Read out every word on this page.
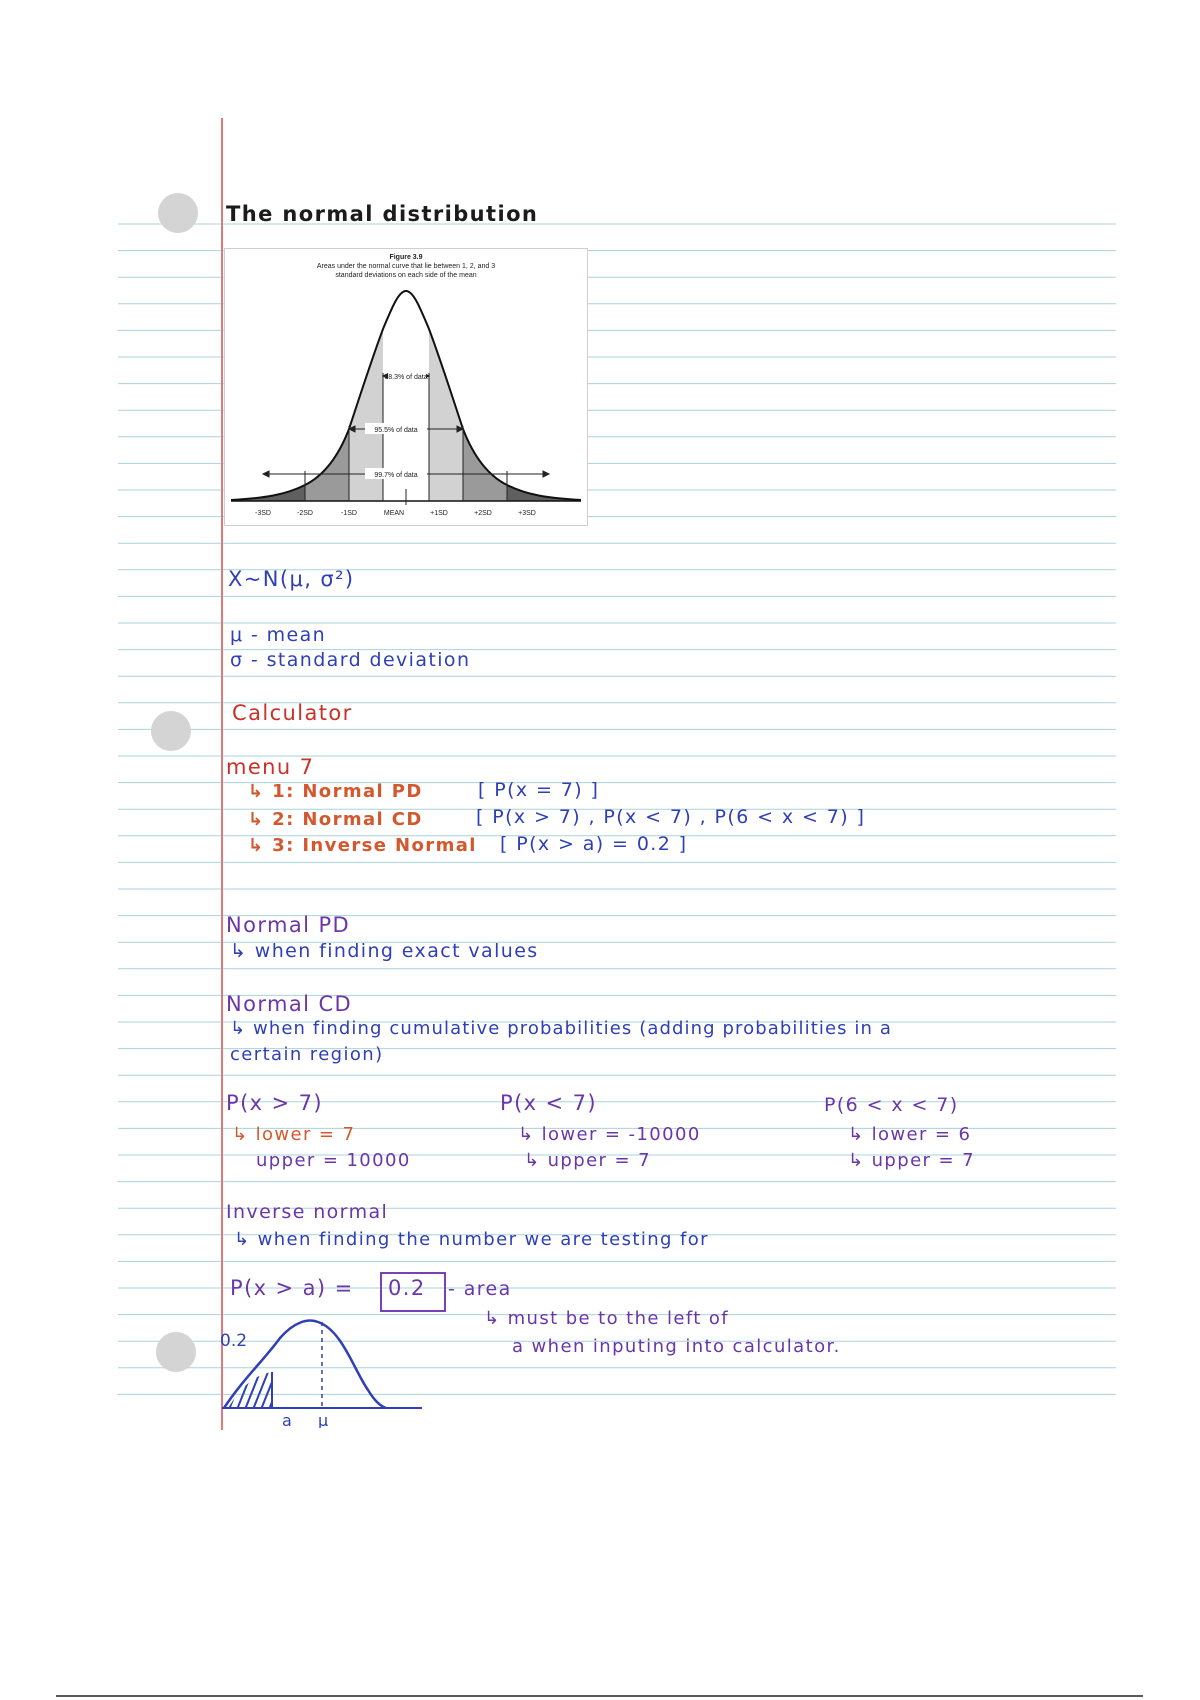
The normal distribution
Figure 3.9
Areas under the normal curve that lie between 1, 2, and 3
standard deviations on each side of the mean
68.3% of data
95.5% of data
99.7% of data
-3SD	-2SD	-1SD	MEAN	+1SD	+2SD	+3SD
X~N(μ, σ²)
μ - mean
σ - standard deviation
Calculator
menu 7
↳ 1: Normal PD	[ P(x = 7) ]
↳ 2: Normal CD	[ P(x > 7) , P(x < 7) , P(6 < x < 7) ]
↳ 3: Inverse Normal [ P(x > a) = 0.2 ]
Normal PD
↳ when finding exact values
Normal CD
↳ when finding cumulative probabilities (adding probabilities in a
certain region)
P(x > 7)
↳ lower = 7
upper = 10000
P(x < 7)
↳ lower = -10000
↳ upper = 7
P(6 < x < 7)
↳ lower = 6
↳ upper = 7
Inverse normal
↳ when finding the number we are testing for
P(x > a) = 0.2 - area
↳ must be to the left of
a when inputing into calculator.
0.2
a μ
